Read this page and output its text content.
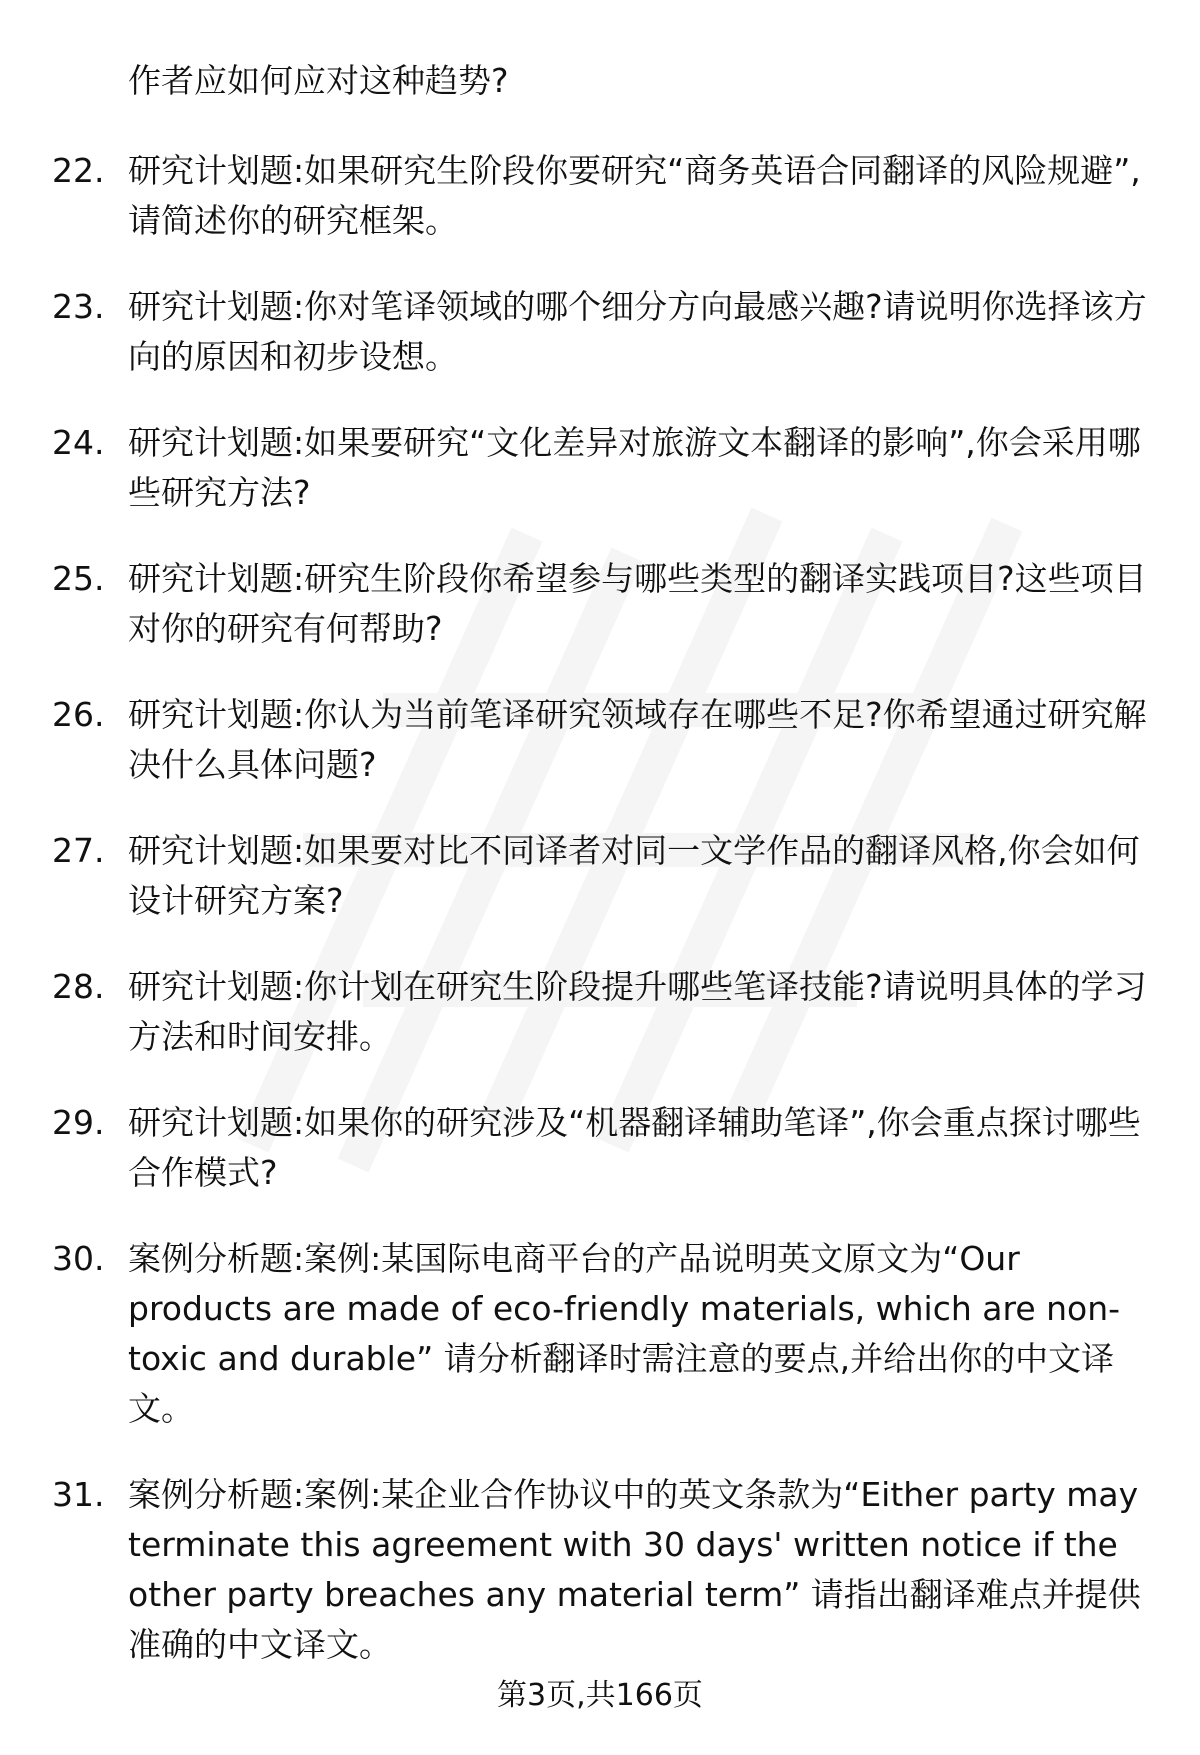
作者应如何应对这种趋势?

22. 研究计划题:如果研究生阶段你要研究“商务英语合同翻译的风险规避”,请简述你的研究框架。
23. 研究计划题:你对笔译领域的哪个细分方向最感兴趣?请说明你选择该方向的原因和初步设想。
24. 研究计划题:如果要研究“文化差异对旅游文本翻译的影响”,你会采用哪些研究方法?
25. 研究计划题:研究生阶段你希望参与哪些类型的翻译实践项目?这些项目对你的研究有何帮助?
26. 研究计划题:你认为当前笔译研究领域存在哪些不足?你希望通过研究解决什么具体问题?
27. 研究计划题:如果要对比不同译者对同一文学作品的翻译风格,你会如何设计研究方案?
28. 研究计划题:你计划在研究生阶段提升哪些笔译技能?请说明具体的学习方法和时间安排。
29. 研究计划题:如果你的研究涉及“机器翻译辅助笔译”,你会重点探讨哪些合作模式?
30. 案例分析题:案例:某国际电商平台的产品说明英文原文为“Our products are made of eco-friendly materials, which are non-toxic and durable” 请分析翻译时需注意的要点,并给出你的中文译文。
31. 案例分析题:案例:某企业合作协议中的英文条款为“Either party may terminate this agreement with 30 days' written notice if the other party breaches any material term” 请指出翻译难点并提供准确的中文译文。
第3页,共166页
